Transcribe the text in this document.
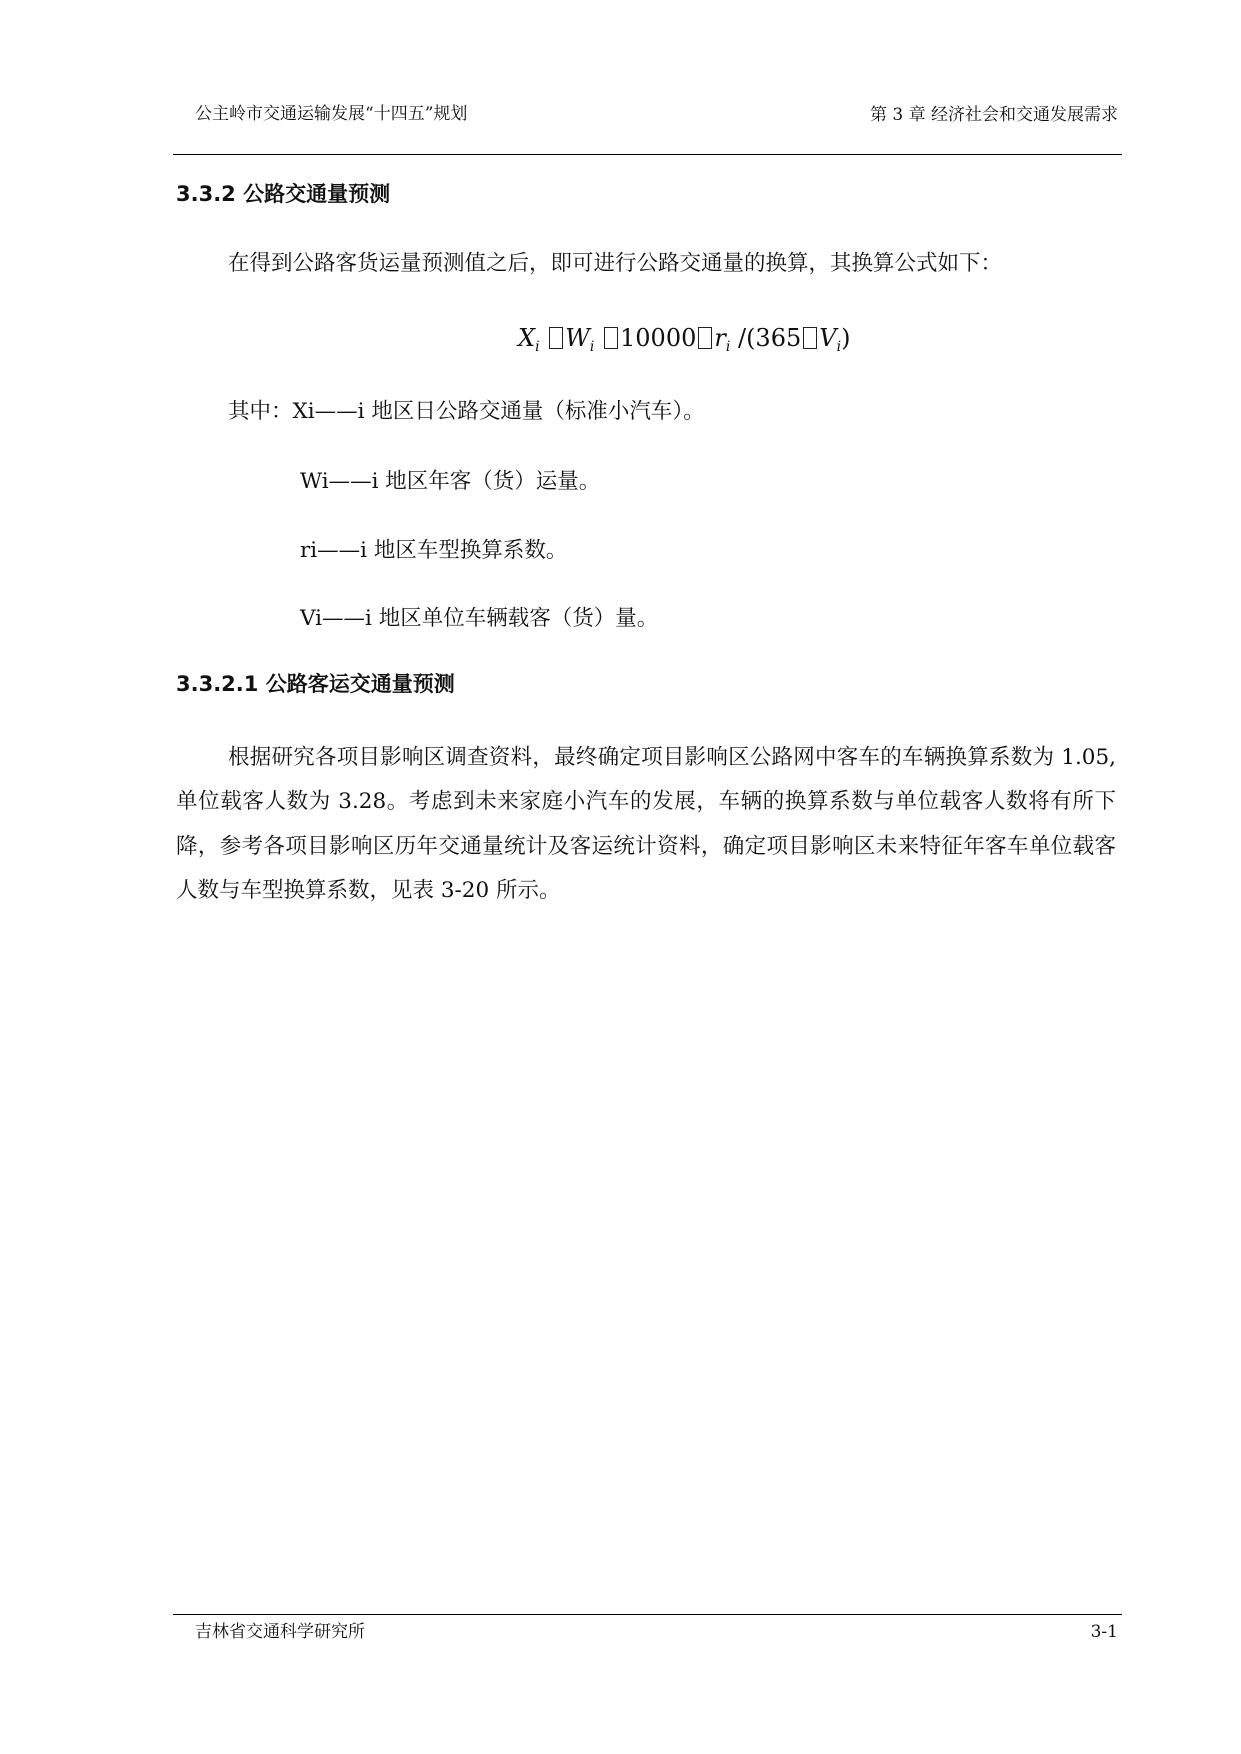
公主岭市交通运输发展“十四五”规划	第 3 章 经济社会和交通发展需求
3.3.2 公路交通量预测
在得到公路客货运量预测值之后，即可进行公路交通量的换算，其换算公式如下：
$X_i$ $W_i$ 10000 $r_i$ /(365 $V_i$)
其中：Xi——i 地区日公路交通量（标准小汽车）。
Wi——i 地区年客（货）运量。
ri——i 地区车型换算系数。
Vi——i 地区单位车辆载客（货）量。
3.3.2.1 公路客运交通量预测
根据研究各项目影响区调查资料，最终确定项目影响区公路网中客车的车辆换算系数为 1.05,单位载客人数为 3.28。考虑到未来家庭小汽车的发展，车辆的换算系数与单位载客人数将有所下降，参考各项目影响区历年交通量统计及客运统计资料，确定项目影响区未来特征年客车单位载客人数与车型换算系数，见表 3-20 所示。
吉林省交通科学研究所	3-1
